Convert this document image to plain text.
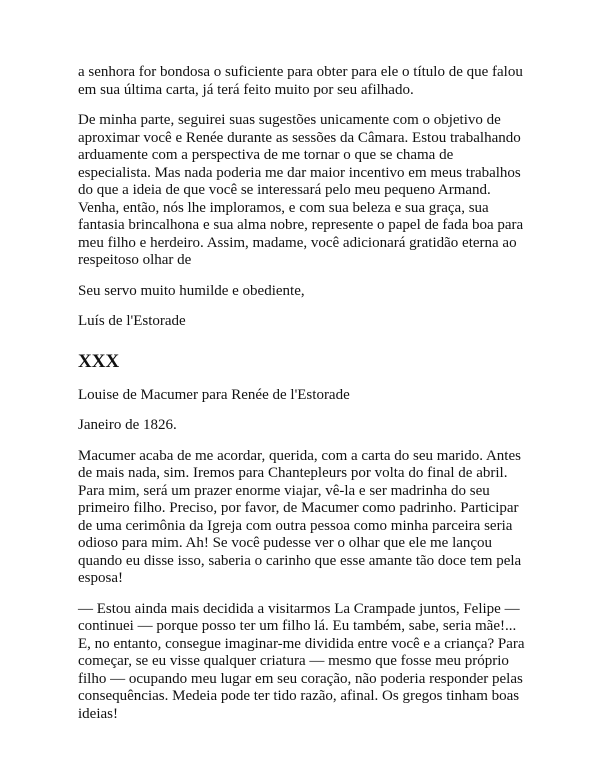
a senhora for bondosa o suficiente para obter para ele o título de que falou em sua última carta, já terá feito muito por seu afilhado.

De minha parte, seguirei suas sugestões unicamente com o objetivo de aproximar você e Renée durante as sessões da Câmara. Estou trabalhando arduamente com a perspectiva de me tornar o que se chama de especialista. Mas nada poderia me dar maior incentivo em meus trabalhos do que a ideia de que você se interessará pelo meu pequeno Armand. Venha, então, nós lhe imploramos, e com sua beleza e sua graça, sua fantasia brincalhona e sua alma nobre, represente o papel de fada boa para meu filho e herdeiro. Assim, madame, você adicionará gratidão eterna ao respeitoso olhar de

Seu servo muito humilde e obediente,

Luís de l'Estorade

XXX

Louise de Macumer para Renée de l'Estorade

Janeiro de 1826.

Macumer acaba de me acordar, querida, com a carta do seu marido. Antes de mais nada, sim. Iremos para Chantepleurs por volta do final de abril. Para mim, será um prazer enorme viajar, vê-la e ser madrinha do seu primeiro filho. Preciso, por favor, de Macumer como padrinho. Participar de uma cerimônia da Igreja com outra pessoa como minha parceira seria odioso para mim. Ah! Se você pudesse ver o olhar que ele me lançou quando eu disse isso, saberia o carinho que esse amante tão doce tem pela esposa!

— Estou ainda mais decidida a visitarmos La Crampade juntos, Felipe — continuei — porque posso ter um filho lá. Eu também, sabe, seria mãe!... E, no entanto, consegue imaginar-me dividida entre você e a criança? Para começar, se eu visse qualquer criatura — mesmo que fosse meu próprio filho — ocupando meu lugar em seu coração, não poderia responder pelas consequências. Medeia pode ter tido razão, afinal. Os gregos tinham boas ideias!
